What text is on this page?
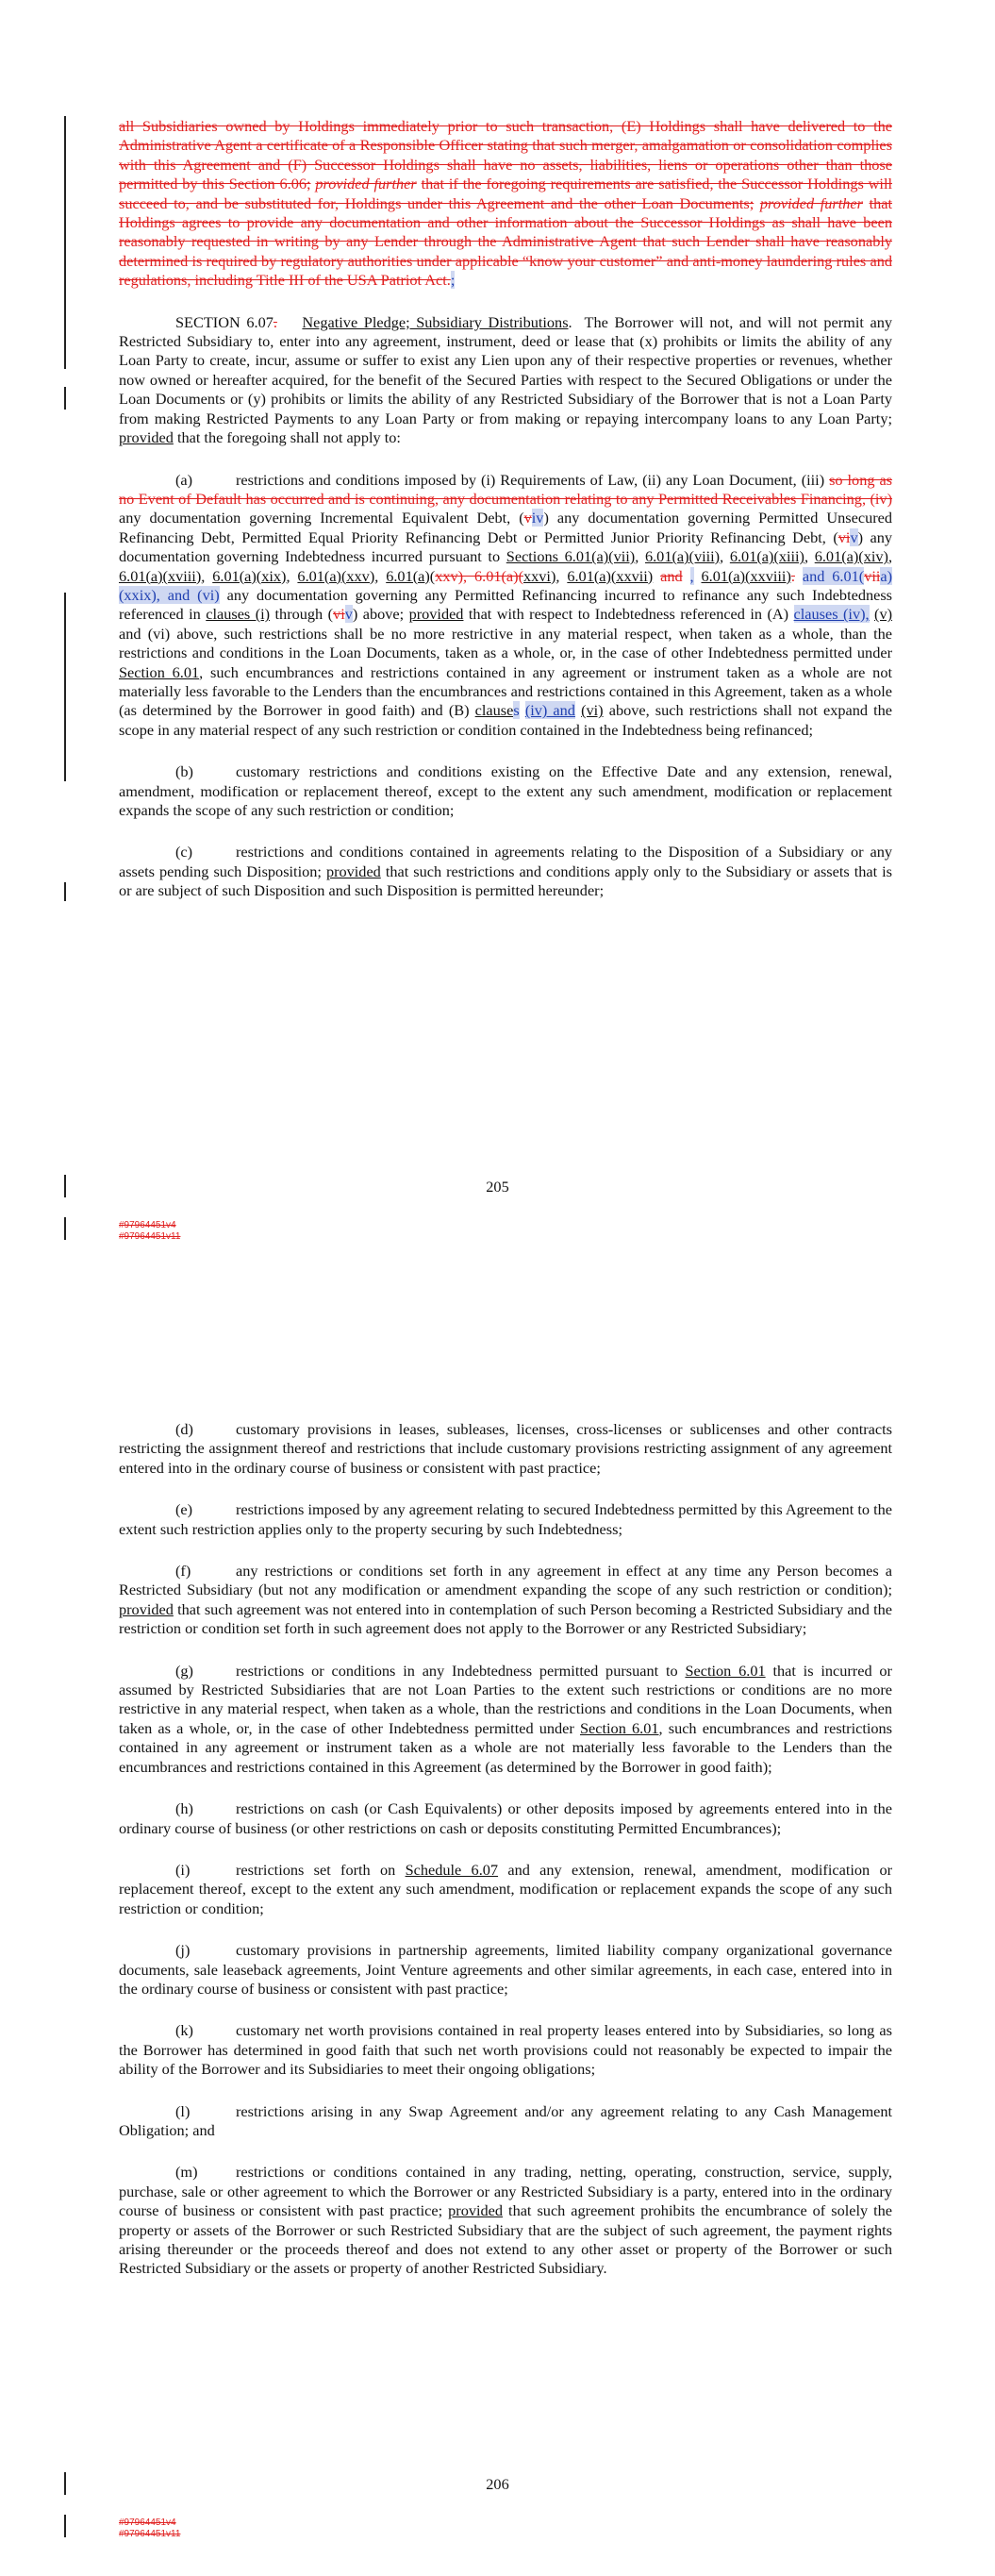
all Subsidiaries owned by Holdings immediately prior to such transaction, (E) Holdings shall have delivered to the Administrative Agent a certificate of a Responsible Officer stating that such merger, amalgamation or consolidation complies with this Agreement and (F) Successor Holdings shall have no assets, liabilities, liens or operations other than those permitted by this Section 6.06; provided further that if the foregoing requirements are satisfied, the Successor Holdings will succeed to, and be substituted for, Holdings under this Agreement and the other Loan Documents; provided further that Holdings agrees to provide any documentation and other information about the Successor Holdings as shall have been reasonably requested in writing by any Lender through the Administrative Agent that such Lender shall have reasonably determined is required by regulatory authorities under applicable “know your customer” and anti-money laundering rules and regulations, including Title III of the USA Patriot Act.;

SECTION 6.07. Negative Pledge; Subsidiary Distributions.  The Borrower will not, and will not permit any Restricted Subsidiary to, enter into any agreement, instrument, deed or lease that (x) prohibits or limits the ability of any Loan Party to create, incur, assume or suffer to exist any Lien upon any of their respective properties or revenues, whether now owned or hereafter acquired, for the benefit of the Secured Parties with respect to the Secured Obligations or under the Loan Documents or (y) prohibits or limits the ability of any Restricted Subsidiary of the Borrower that is not a Loan Party from making Restricted Payments to any Loan Party or from making or repaying intercompany loans to any Loan Party; provided that the foregoing shall not apply to:

(a)	restrictions and conditions imposed by (i) Requirements of Law, (ii) any Loan Document, (iii) so long as no Event of Default has occurred and is continuing, any documentation relating to any Permitted Receivables Financing, (iv) any documentation governing Incremental Equivalent Debt, (viv) any documentation governing Permitted Unsecured Refinancing Debt, Permitted Equal Priority Refinancing Debt or Permitted Junior Priority Refinancing Debt, (viv) any documentation governing Indebtedness incurred pursuant to Sections 6.01(a)(vii), 6.01(a)(viii), 6.01(a)(xiii), 6.01(a)(xiv), 6.01(a)(xviii), 6.01(a)(xix), 6.01(a)(xxv), 6.01(a)(xxv), 6.01(a)(xxvi), 6.01(a)(xxvii) and , 6.01(a)(xxviii). and 6.01(viia)(xxix), and (vi) any documentation governing any Permitted Refinancing incurred to refinance any such Indebtedness referenced in clauses (i) through (viv) above; provided that with respect to Indebtedness referenced in (A) clauses (iv), (v) and (vi) above, such restrictions shall be no more restrictive in any material respect, when taken as a whole, than the restrictions and conditions in the Loan Documents, taken as a whole, or, in the case of other Indebtedness permitted under Section 6.01, such encumbrances and restrictions contained in any agreement or instrument taken as a whole are not materially less favorable to the Lenders than the encumbrances and restrictions contained in this Agreement, taken as a whole (as determined by the Borrower in good faith) and (B) clauses (iv) and (vi) above, such restrictions shall not expand the scope in any material respect of any such restriction or condition contained in the Indebtedness being refinanced;

(b)	customary restrictions and conditions existing on the Effective Date and any extension, renewal, amendment, modification or replacement thereof, except to the extent any such amendment, modification or replacement expands the scope of any such restriction or condition;

(c)	restrictions and conditions contained in agreements relating to the Disposition of a Subsidiary or any assets pending such Disposition; provided that such restrictions and conditions apply only to the Subsidiary or assets that is or are subject of such Disposition and such Disposition is permitted hereunder;

205
#97964451v4
#97964451v11

(d)	customary provisions in leases, subleases, licenses, cross-licenses or sublicenses and other contracts restricting the assignment thereof and restrictions that include customary provisions restricting assignment of any agreement entered into in the ordinary course of business or consistent with past practice;

(e)	restrictions imposed by any agreement relating to secured Indebtedness permitted by this Agreement to the extent such restriction applies only to the property securing by such Indebtedness;

(f)	any restrictions or conditions set forth in any agreement in effect at any time any Person becomes a Restricted Subsidiary (but not any modification or amendment expanding the scope of any such restriction or condition); provided that such agreement was not entered into in contemplation of such Person becoming a Restricted Subsidiary and the restriction or condition set forth in such agreement does not apply to the Borrower or any Restricted Subsidiary;

(g)	restrictions or conditions in any Indebtedness permitted pursuant to Section 6.01 that is incurred or assumed by Restricted Subsidiaries that are not Loan Parties to the extent such restrictions or conditions are no more restrictive in any material respect, when taken as a whole, than the restrictions and conditions in the Loan Documents, when taken as a whole, or, in the case of other Indebtedness permitted under Section 6.01, such encumbrances and restrictions contained in any agreement or instrument taken as a whole are not materially less favorable to the Lenders than the encumbrances and restrictions contained in this Agreement (as determined by the Borrower in good faith);

(h)	restrictions on cash (or Cash Equivalents) or other deposits imposed by agreements entered into in the ordinary course of business (or other restrictions on cash or deposits constituting Permitted Encumbrances);

(i)	restrictions set forth on Schedule 6.07 and any extension, renewal, amendment, modification or replacement thereof, except to the extent any such amendment, modification or replacement expands the scope of any such restriction or condition;

(j)	customary provisions in partnership agreements, limited liability company organizational governance documents, sale leaseback agreements, Joint Venture agreements and other similar agreements, in each case, entered into in the ordinary course of business or consistent with past practice;

(k)	customary net worth provisions contained in real property leases entered into by Subsidiaries, so long as the Borrower has determined in good faith that such net worth provisions could not reasonably be expected to impair the ability of the Borrower and its Subsidiaries to meet their ongoing obligations;

(l)	restrictions arising in any Swap Agreement and/or any agreement relating to any Cash Management Obligation; and

(m) restrictions or conditions contained in any trading, netting, operating, construction, service, supply, purchase, sale or other agreement to which the Borrower or any Restricted Subsidiary is a party, entered into in the ordinary course of business or consistent with past practice; provided that such agreement prohibits the encumbrance of solely the property or assets of the Borrower or such Restricted Subsidiary that are the subject of such agreement, the payment rights arising thereunder or the proceeds thereof and does not extend to any other asset or property of the Borrower or such Restricted Subsidiary or the assets or property of another Restricted Subsidiary.

206
#97964451v4
#97964451v11
